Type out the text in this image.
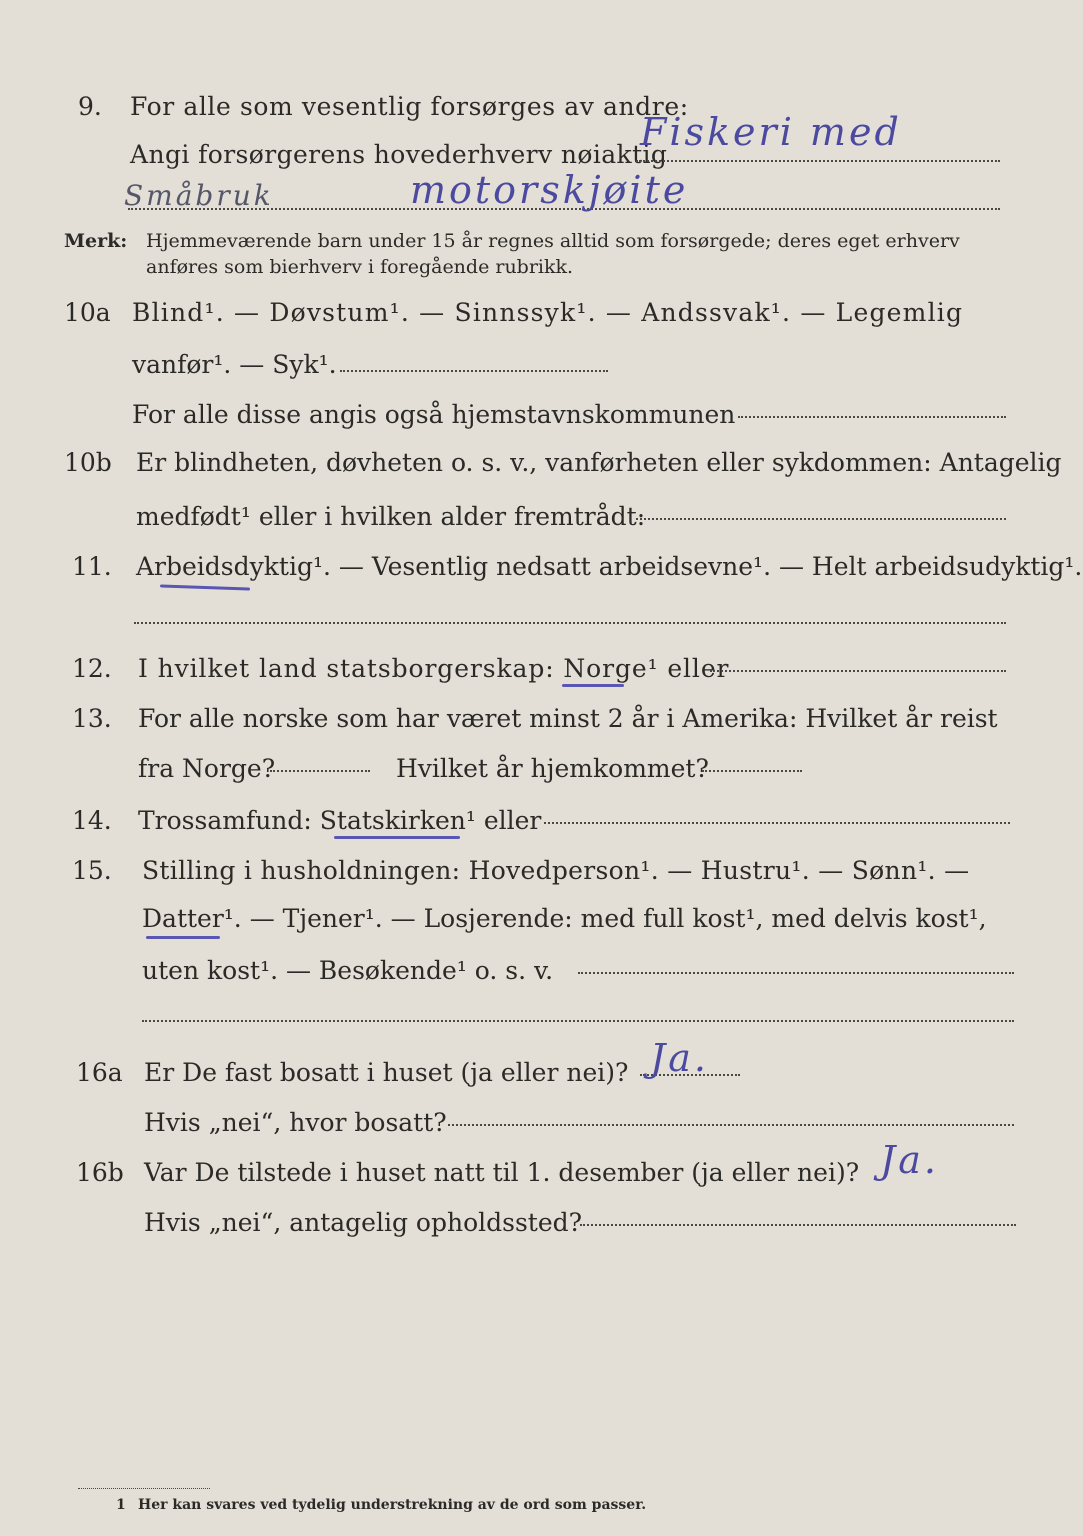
9. For alle som vesentlig forsørges av andre:
Angi forsørgerens hovederhverv nøiaktig
Fiskeri med
Småbruk	motorskjøite
Merk: Hjemmeværende barn under 15 år regnes alltid som forsørgede; deres eget erhverv
anføres som bierhverv i foregående rubrikk.
10a Blind¹. — Døvstum¹. — Sinnssyk¹. — Andssvak¹. — Legemlig
vanfør¹. — Syk¹.
For alle disse angis også hjemstavnskommunen
10b Er blindheten, døvheten o. s. v., vanførheten eller sykdommen: Antagelig
medfødt¹ eller i hvilken alder fremtrådt:
11. Arbeidsdyktig¹. — Vesentlig nedsatt arbeidsevne¹. — Helt arbeidsudyktig¹.
12. I hvilket land statsborgerskap: Norge¹ eller
13. For alle norske som har været minst 2 år i Amerika: Hvilket år reist
fra Norge?	Hvilket år hjemkommet?
14. Trossamfund: Statskirken¹ eller
15. Stilling i husholdningen: Hovedperson¹. — Hustru¹. — Sønn¹. —
Datter¹. — Tjener¹. — Losjerende: med full kost¹, med delvis kost¹,
uten kost¹. — Besøkende¹ o. s. v.
16a Er De fast bosatt i huset (ja eller nei)? Ja.
Hvis „nei“, hvor bosatt?
16b Var De tilstede i huset natt til 1. desember (ja eller nei)? Ja.
Hvis „nei“, antagelig opholdssted?
1 Her kan svares ved tydelig understrekning av de ord som passer.
